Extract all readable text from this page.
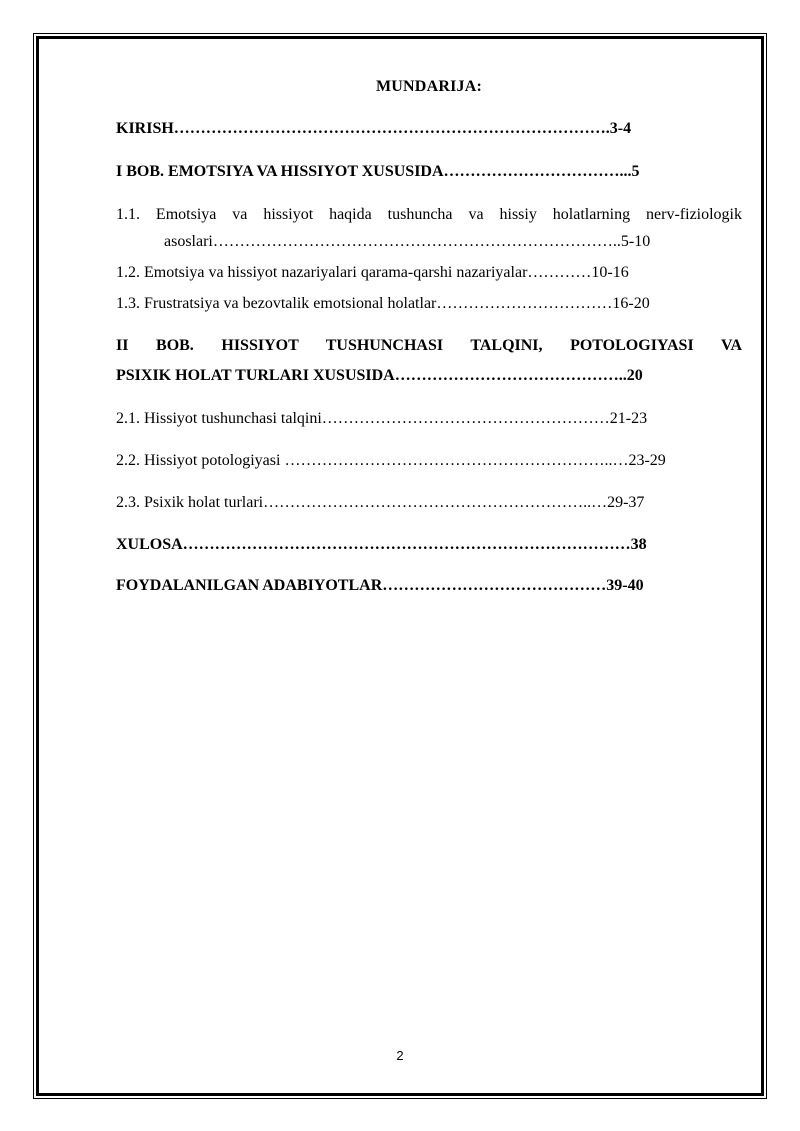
MUNDARIJA:
KIRISH……………………………………………………………………….3-4
I BOB. EMOTSIYA VA HISSIYOT XUSUSIDA……………………………...5
1.1. Emotsiya va hissiyot haqida tushuncha va hissiy holatlarning nerv-fiziologik
asoslari…………………………………………………………………..5-10
1.2. Emotsiya va hissiyot nazariyalari qarama-qarshi nazariyalar…………10-16
1.3. Frustratsiya va bezovtalik emotsional holatlar……………………………16-20
II BOB. HISSIYOT TUSHUNCHASI TALQINI, POTOLOGIYASI VA
PSIXIK HOLAT TURLARI XUSUSIDA……………………………………..20
2.1. Hissiyot tushunchasi talqini………………………………………………21-23
2.2. Hissiyot potologiyasi ……………………………………………………..…23-29
2.3. Psixik holat turlari……………………………………………………..…29-37
XULOSA…………………………………………………………………………38
FOYDALANILGAN ADABIYOTLAR……………………………………39-40
2
